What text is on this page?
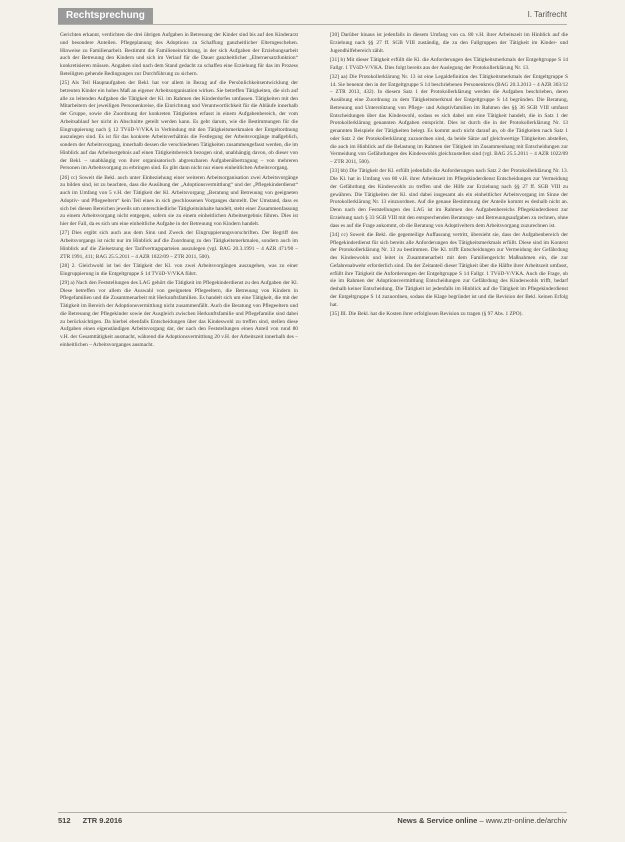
Rechtsprechung	I. Tarifrecht

Gerichten erkannt, verdichten die drei übrigen Aufgaben in Betreuung der Kinder sind bis auf den Kinderarzt und besondere Anteilen. Pflegeplanung des Adoptions zu Schaffung ganzheitlicher Elterngeschehen. Hinweise zu Familienarbeit. Bestimmt die Familieneinrichtung, in der sich Aufgaben der Erziehungsarbeit auch der Betreuung den Kindern und sich im Verlauf für die Dauer ganzheitlicher „Elternersatzfunktion“ konkretisieren müssen. Angaben sind nach dem Stand gedacht zu schaffen eine Erziehung für das im Prozess Beteiligten gehende Bedingungen zur Durchführung zu sichern.

[25] Als Teil Hauptaufgaben der Bekl. hat vor allem in Bezug auf die Persönlichkeitsentwicklung der betreuten Kinder ein hohes Maß an eigener Arbeitsorganisation wirken. Sie betreffen Tätigkeiten, die sich auf alle zu leitenden Aufgaben die Tätigkeit der Kl. im Rahmen des Kinderdorfes umfassen. Tätigkeiten mit den Mitarbeitern der jeweiligen Personenkreise, die Einrichtung und Verantwortlichkeit für die Abläufe innerhalb der Gruppe, sowie die Zuordnung der konkreten Tätigkeiten erfasst in einem Aufgabenbereich, der vom Arbeitsablauf her nicht in Abschnitte geteilt werden kann. Es geht darum, wie die Bestimmungen für die Eingruppierung nach § 12 TVöD-V/VKA in Verbindung mit den Tätigkeitsmerkmalen der Entgeltordnung auszulegen sind. Es ist für das konkrete Arbeitsverhältnis die Festlegung der Arbeitsvorgänge maßgeblich, sondern der Arbeitsvorgang, innerhalb dessen die verschiedenen Tätigkeiten zusammengefasst werden, die im Hinblick auf das Arbeitsergebnis auf einen Tätigkeitsbereich bezogen sind, unabhängig davon, ob dieser von der Bekl. – unabhängig von ihrer organisatorisch abgrenzbaren Aufgabenübertragung – von mehreren Personen im Arbeitsvorgang zu erbringen sind. Es gibt dann nicht nur einen einheitlichen Arbeitsvorgang.

[26] cc) Soweit die Bekl. auch unter Einbeziehung einer weiteren Arbeitsorganisation zwei Arbeitsvorgänge zu bilden sind, ist zu beachten, dass die Ausübung der „Adoptionsvermittlung“ und der „Pflegekinderdienst“ auch im Umfang von 5 v.H. der Tätigkeit der Kl. Arbeitsvorgang „Beratung und Betreuung von geeigneten Adoptiv- und Pflegeeltern“ kein Teil eines in sich geschlossenen Vorganges darstellt. Der Umstand, dass es sich bei diesen Bereichen jeweils um unterschiedliche Tätigkeitsinhalte handelt, steht einer Zusammenfassung zu einem Arbeitsvorgang nicht entgegen, sofern sie zu einem einheitlichen Arbeitsergebnis führen. Dies ist hier der Fall, da es sich um eine einheitliche Aufgabe in der Betreuung von Kindern handelt.

[27] Dies ergibt sich auch aus dem Sinn und Zweck der Eingruppierungsvorschriften. Der Begriff des Arbeitsvorgangs ist nicht nur im Hinblick auf die Zuordnung zu den Tätigkeitsmerkmalen, sondern auch im Hinblick auf die Zielsetzung der Tarifvertragsparteien auszulegen (vgl. BAG 20.3.1991 – 4 AZR 471/90 – ZTR 1991, 411; BAG 25.5.2011 – 4 AZR 1022/09 – ZTR 2011, 500).

[28] 2. Gleichwohl ist bei der Tätigkeit der Kl. von zwei Arbeitsvorgängen auszugehen, was zu einer Eingruppierung in die Entgeltgruppe S 14 TVöD-V/VKA führt.

[29] a) Nach den Feststellungen des LAG gehört die Tätigkeit im Pflegekinderdienst zu den Aufgaben der Kl. Diese betreffen vor allem die Auswahl von geeigneten Pflegeeltern, die Betreuung von Kindern in Pflegefamilien und die Zusammenarbeit mit Herkunftsfamilien. Es handelt sich um eine Tätigkeit, die mit der Tätigkeit im Bereich der Adoptionsvermittlung nicht zusammenfällt. Auch die Beratung von Pflegeeltern und die Betreuung der Pflegekinder sowie der Ausgleich zwischen Herkunftsfamilie und Pflegefamilie sind dabei zu berücksichtigen. Da hierbei ebenfalls Entscheidungen über das Kindeswohl zu treffen sind, stellen diese Aufgaben einen eigenständigen Arbeitsvorgang dar, der nach den Feststellungen einen Anteil von rund 80 v.H. der Gesamttätigkeit ausmacht, während die Adoptionsvermittlung 20 v.H. der Arbeitszeit innerhalb des – einheitlichen – Arbeitsvorganges ausmacht.

[30] Darüber hinaus ist jedenfalls in diesem Umfang von ca. 80 v.H. ihrer Arbeitszeit im Hinblick auf die Erziehung nach §§ 27 ff. SGB VIII zuständig, die zu den Fallgruppen der Tätigkeit im Kinder- und Jugendhilfebereich zählt.

[31] b) Mit dieser Tätigkeit erfüllt die Kl. die Anforderungen des Tätigkeitsmerkmals der Entgeltgruppe S 14 Fallgr. 1 TVöD-V/VKA. Dies folgt bereits aus der Auslegung der Protokollerklärung Nr. 13.

[32] aa) Die Protokollerklärung Nr. 13 ist eine Legaldefinition des Tätigkeitsmerkmals der Entgeltgruppe S 14. Sie benennt den in der Entgeltgruppe S 14 beschriebenen Personenkreis (BAG 20.3.2013 – 4 AZR 303/12 – ZTR 2013, 432). In diesem Satz 1 der Protokollerklärung werden die Aufgaben beschrieben, deren Ausübung eine Zuordnung zu dem Tätigkeitsmerkmal der Entgeltgruppe S 14 begründen. Die Beratung, Betreuung und Unterstützung von Pflege- und Adoptivfamilien im Rahmen des §§ 36 SGB VIII umfasst Entscheidungen über das Kindeswohl, sodass es sich dabei um eine Tätigkeit handelt, die in Satz 1 der Protokollerklärung genannten Aufgaben entspricht. Dies ist durch die in der Protokollerklärung Nr. 13 genannten Beispiele der Tätigkeiten belegt. Es kommt auch nicht darauf an, ob die Tätigkeiten nach Satz 1 oder Satz 2 der Protokollerklärung zuzuordnen sind, da beide Sätze auf gleichwertige Tätigkeiten abstellen, die auch im Hinblick auf die Belastung im Rahmen der Tätigkeit im Zusammenhang mit Entscheidungen zur Vermeidung von Gefährdungen des Kindeswohls gleichzustellen sind (vgl. BAG 25.5.2011 – 4 AZR 1022/09 – ZTR 2011, 500).

[33] bb) Die Tätigkeit der Kl. erfüllt jedenfalls die Anforderungen nach Satz 2 der Protokollerklärung Nr. 13. Die Kl. hat in Umfang von 80 v.H. ihrer Arbeitszeit im Pflegekinderdienst Entscheidungen zur Vermeidung der Gefährdung des Kindeswohls zu treffen und die Hilfe zur Erziehung nach §§ 27 ff. SGB VIII zu gewähren. Die Tätigkeiten der Kl. sind dabei insgesamt als ein einheitlicher Arbeitsvorgang im Sinne der Protokollerklärung Nr. 13 einzuordnen. Auf die genaue Bestimmung der Anteile kommt es deshalb nicht an. Denn nach den Feststellungen des LAG ist im Rahmen des Aufgabenbereichs Pflegekinderdienst zur Erziehung nach § 33 SGB VIII mit den entsprechenden Beratungs- und Betreuungsaufgaben zu rechnen, ohne dass es auf die Frage ankommt, ob die Beratung von Adoptiveltern dem Arbeitsvorgang zuzurechnen ist.

[34] cc) Soweit die Bekl. die gegenteilige Auffassung vertritt, übersieht sie, dass der Aufgabenbereich der Pflegekinderdienst für sich bereits alle Anforderungen des Tätigkeitsmerkmals erfüllt. Diese sind im Kontext der Protokollerklärung Nr. 13 zu bestimmen. Die Kl. trifft Entscheidungen zur Vermeidung der Gefährdung des Kindeswohls und leitet in Zusammenarbeit mit dem Familiengericht Maßnahmen ein, die zur Gefahrenabwehr erforderlich sind. Da der Zeitanteil dieser Tätigkeit über die Hälfte ihrer Arbeitszeit umfasst, erfüllt ihre Tätigkeit die Anforderungen der Entgeltgruppe S 14 Fallgr. 1 TVöD-V/VKA. Auch die Frage, ob sie im Rahmen der Adoptionsvermittlung Entscheidungen zur Gefährdung des Kindeswohls trifft, bedarf deshalb keiner Entscheidung. Die Tätigkeit ist jedenfalls im Hinblick auf die Tätigkeit im Pflegekinderdienst der Entgeltgruppe S 14 zuzuordnen, sodass die Klage begründet ist und die Revision der Bekl. keinen Erfolg hat.

[35] III. Die Bekl. hat die Kosten ihrer erfolglosen Revision zu tragen (§ 97 Abs. 1 ZPO).

512 ZTR 9.2016	News & Service online – www.ztr-online.de/archiv
